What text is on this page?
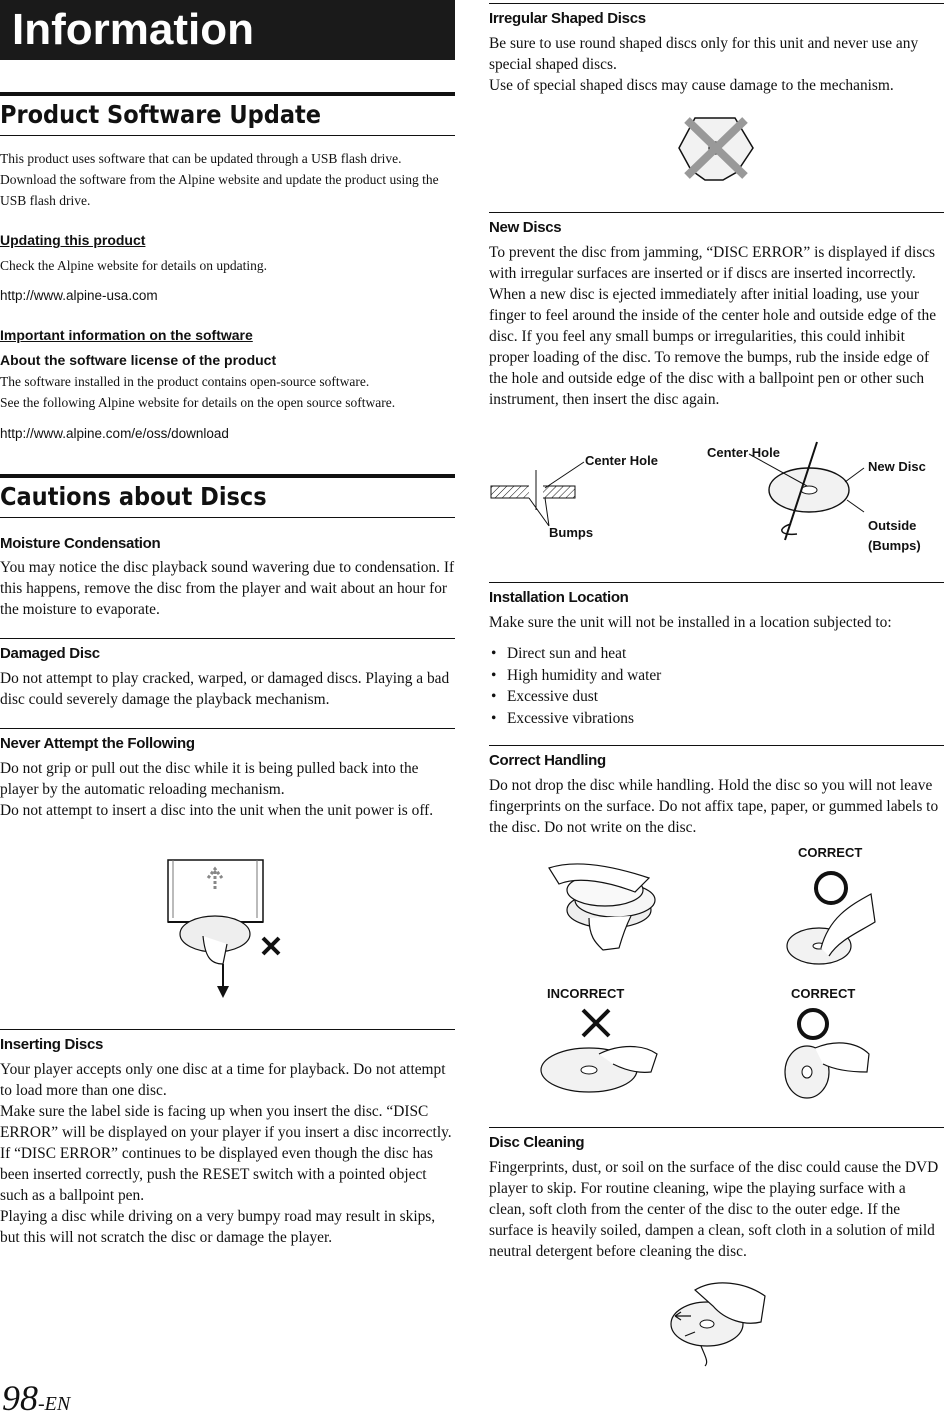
Information
Product Software Update
This product uses software that can be updated through a USB flash drive. Download the software from the Alpine website and update the product using the USB flash drive.
Updating this product
Check the Alpine website for details on updating.
http://www.alpine-usa.com
Important information on the software
About the software license of the product
The software installed in the product contains open-source software.
See the following Alpine website for details on the open source software.
http://www.alpine.com/e/oss/download
Cautions about Discs
Moisture Condensation
You may notice the disc playback sound wavering due to condensation. If this happens, remove the disc from the player and wait about an hour for the moisture to evaporate.
Damaged Disc
Do not attempt to play cracked, warped, or damaged discs. Playing a bad disc could severely damage the playback mechanism.
Never Attempt the Following
Do not grip or pull out the disc while it is being pulled back into the player by the automatic reloading mechanism.
Do not attempt to insert a disc into the unit when the unit power is off.
Inserting Discs
Your player accepts only one disc at a time for playback. Do not attempt to load more than one disc.
Make sure the label side is facing up when you insert the disc. “DISC ERROR” will be displayed on your player if you insert a disc incorrectly. If “DISC ERROR” continues to be displayed even though the disc has been inserted correctly, push the RESET switch with a pointed object such as a ballpoint pen.
Playing a disc while driving on a very bumpy road may result in skips, but this will not scratch the disc or damage the player.
98-EN
Irregular Shaped Discs
Be sure to use round shaped discs only for this unit and never use any special shaped discs.
Use of special shaped discs may cause damage to the mechanism.
New Discs
To prevent the disc from jamming, “DISC ERROR” is displayed if discs with irregular surfaces are inserted or if discs are inserted incorrectly. When a new disc is ejected immediately after initial loading, use your finger to feel around the inside of the center hole and outside edge of the disc. If you feel any small bumps or irregularities, this could inhibit proper loading of the disc. To remove the bumps, rub the inside edge of the hole and outside edge of the disc with a ballpoint pen or other such instrument, then insert the disc again.
Center Hole
Bumps
Center Hole
New Disc
Outside
(Bumps)
Installation Location
Make sure the unit will not be installed in a location subjected to:
• Direct sun and heat
• High humidity and water
• Excessive dust
• Excessive vibrations
Correct Handling
Do not drop the disc while handling. Hold the disc so you will not leave fingerprints on the surface. Do not affix tape, paper, or gummed labels to the disc. Do not write on the disc.
CORRECT
INCORRECT	CORRECT
Disc Cleaning
Fingerprints, dust, or soil on the surface of the disc could cause the DVD player to skip. For routine cleaning, wipe the playing surface with a clean, soft cloth from the center of the disc to the outer edge. If the surface is heavily soiled, dampen a clean, soft cloth in a solution of mild neutral detergent before cleaning the disc.
